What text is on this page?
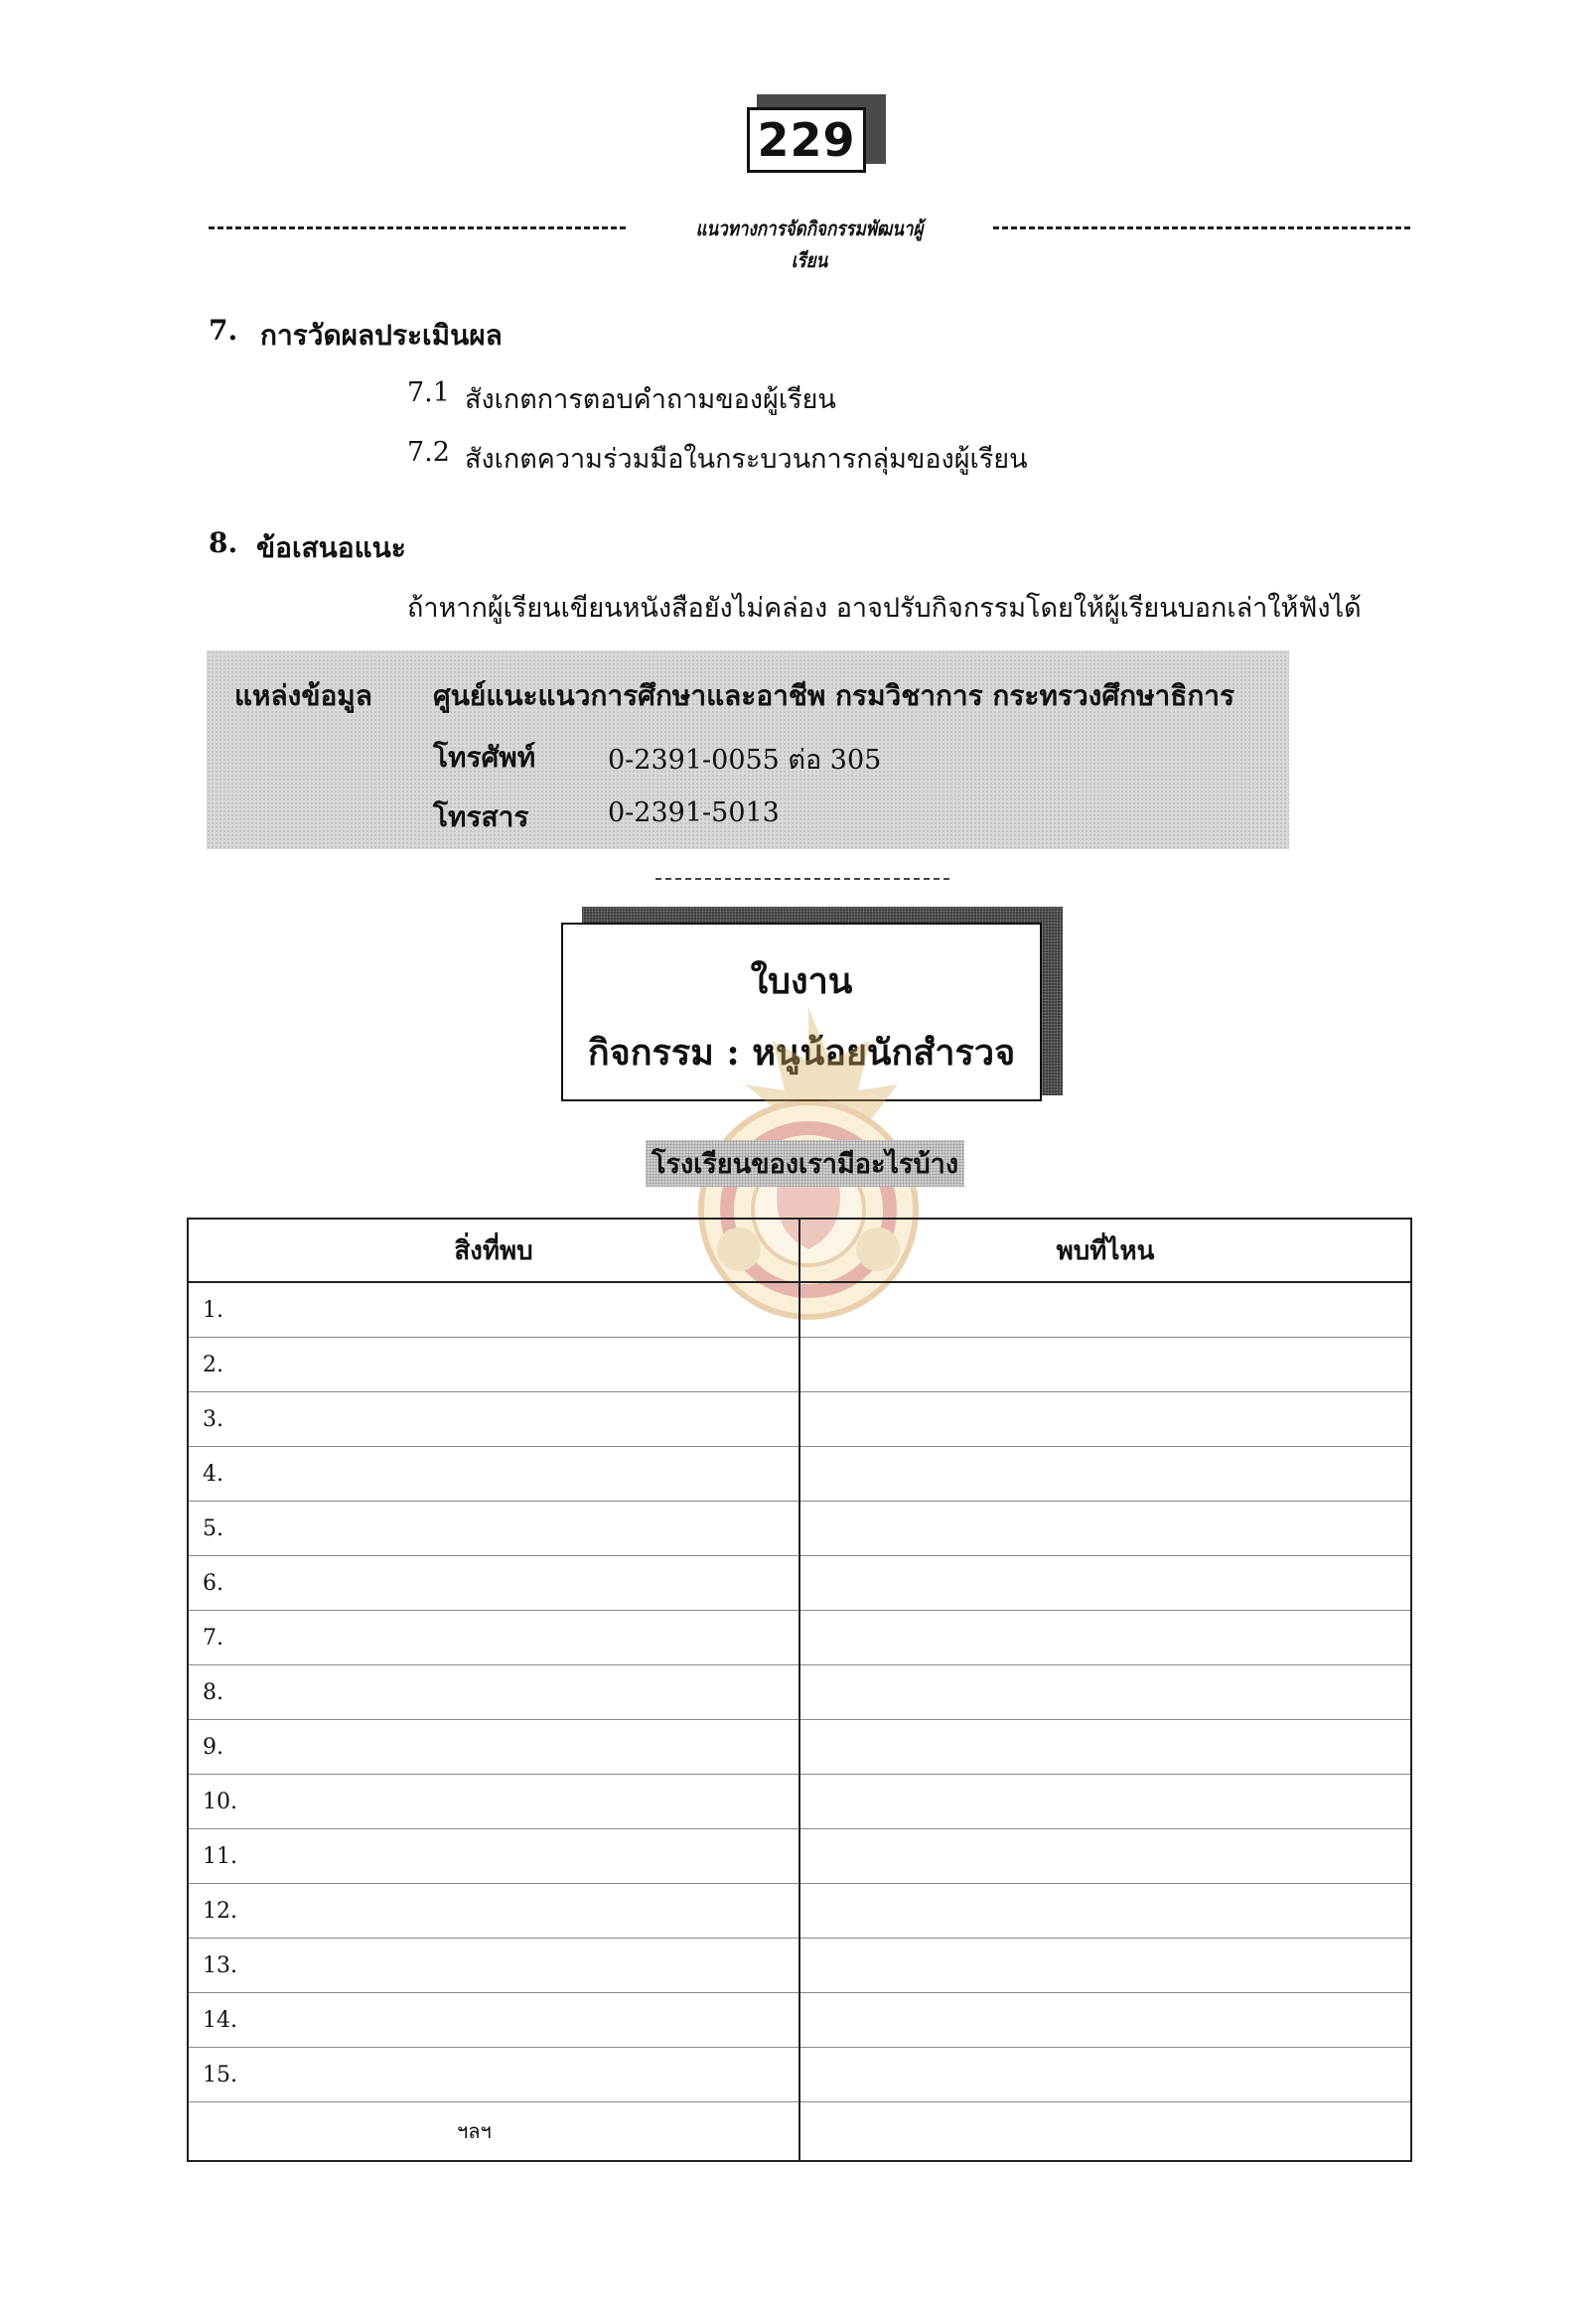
229
แนวทางการจัดกิจกรรมพัฒนาผู้เรียน
7. การวัดผลประเมินผล
7.1 สังเกตการตอบคำถามของผู้เรียน
7.2 สังเกตความร่วมมือในกระบวนการกลุ่มของผู้เรียน
8. ข้อเสนอแนะ
ถ้าหากผู้เรียนเขียนหนังสือยังไม่คล่อง อาจปรับกิจกรรมโดยให้ผู้เรียนบอกเล่าให้ฟังได้
แหล่งข้อมูล ศูนย์แนะแนวการศึกษาและอาชีพ กรมวิชาการ กระทรวงศึกษาธิการ
โทรศัพท์	0-2391-0055 ต่อ 305
โทรสาร	0-2391-5013
ใบงาน
กิจกรรม : หนูน้อยนักสำรวจ
โรงเรียนของเรามีอะไรบ้าง
สิ่งที่พบ	พบที่ไหน
1.	
2.	
3.	
4.	
5.	
6.	
7.	
8.	
9.	
10.	
11.	
12.	
13.	
14.	
15.	
ฯลฯ	
